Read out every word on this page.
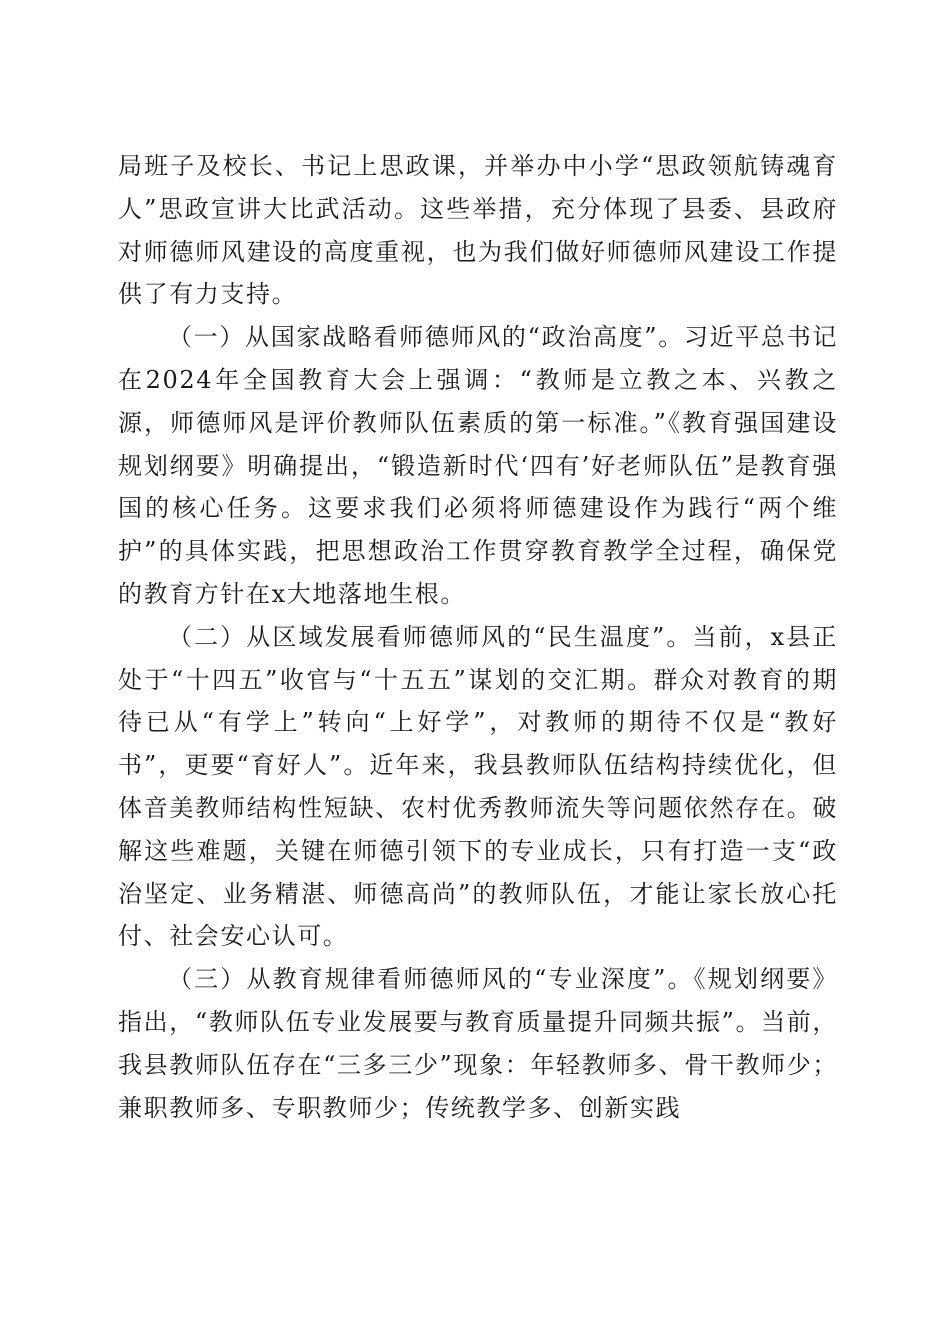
局班子及校长、书记上思政课，并举办中小学“思政领航铸魂育人”思政宣讲大比武活动。这些举措，充分体现了县委、县政府对师德师风建设的高度重视，也为我们做好师德师风建设工作提供了有力支持。

（一）从国家战略看师德师风的“政治高度”。习近平总书记在2024年全国教育大会上强调：“教师是立教之本、兴教之源，师德师风是评价教师队伍素质的第一标准。”《教育强国建设规划纲要》明确提出，“锻造新时代‘四有’好老师队伍”是教育强国的核心任务。这要求我们必须将师德建设作为践行“两个维护”的具体实践，把思想政治工作贯穿教育教学全过程，确保党的教育方针在x大地落地生根。

（二）从区域发展看师德师风的“民生温度”。当前，x县正处于“十四五”收官与“十五五”谋划的交汇期。群众对教育的期待已从“有学上”转向“上好学”，对教师的期待不仅是“教好书”，更要“育好人”。近年来，我县教师队伍结构持续优化，但体音美教师结构性短缺、农村优秀教师流失等问题依然存在。破解这些难题，关键在师德引领下的专业成长，只有打造一支“政治坚定、业务精湛、师德高尚”的教师队伍，才能让家长放心托付、社会安心认可。

（三）从教育规律看师德师风的“专业深度”。《规划纲要》指出，“教师队伍专业发展要与教育质量提升同频共振”。当前，我县教师队伍存在“三多三少”现象：年轻教师多、骨干教师少；兼职教师多、专职教师少；传统教学多、创新实践
